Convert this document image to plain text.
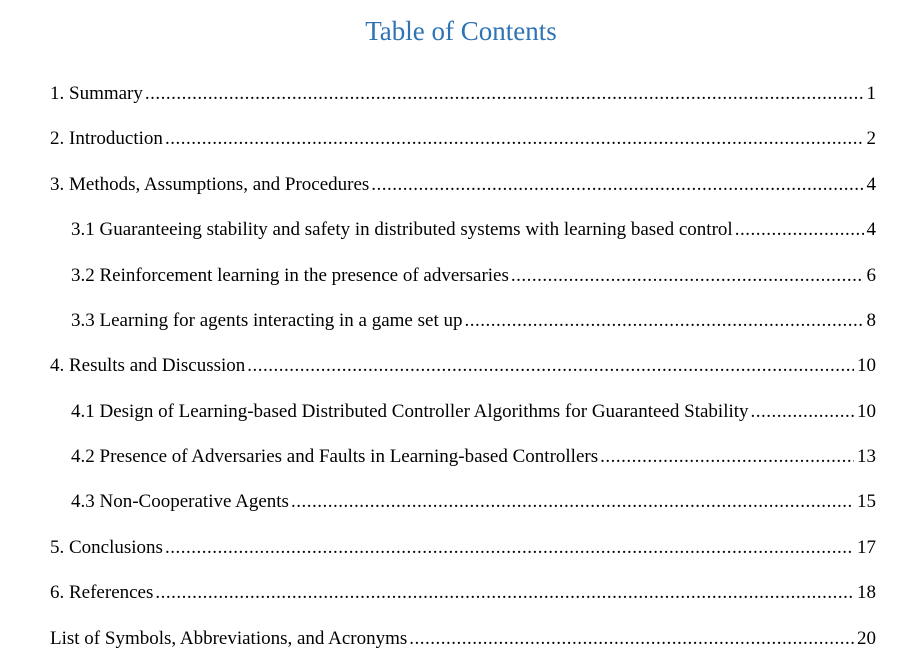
Table of Contents
1. Summary .....	1
2. Introduction .....	2
3. Methods, Assumptions, and Procedures .....	4
3.1 Guaranteeing stability and safety in distributed systems with learning based control .....	4
3.2 Reinforcement learning in the presence of adversaries .....	6
3.3 Learning for agents interacting in a game set up .....	8
4. Results and Discussion .....	10
4.1 Design of Learning-based Distributed Controller Algorithms for Guaranteed Stability .....	10
4.2 Presence of Adversaries and Faults in Learning-based Controllers .....	13
4.3 Non-Cooperative Agents .....	15
5. Conclusions .....	17
6. References .....	18
List of Symbols, Abbreviations, and Acronyms .....	20
